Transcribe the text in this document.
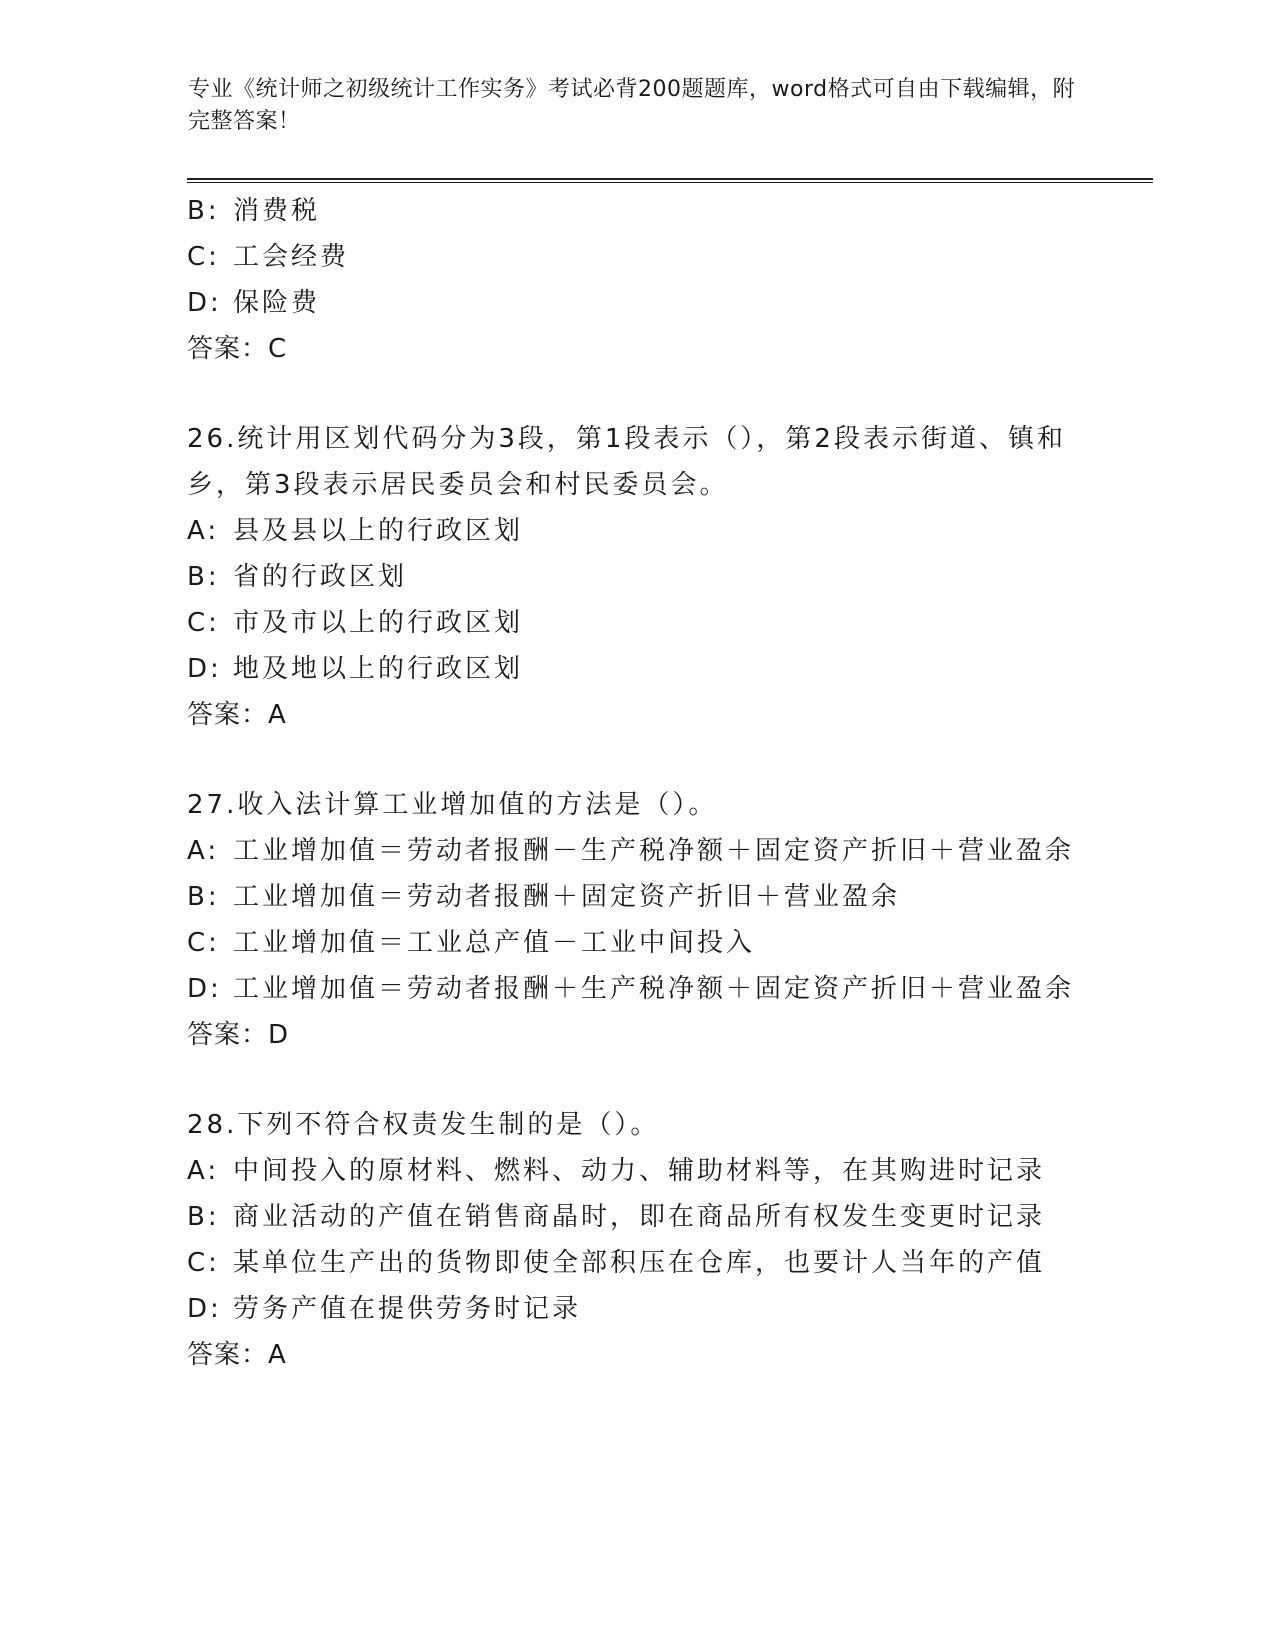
专业《统计师之初级统计工作实务》考试必背200题题库，word格式可自由下载编辑，附完整答案！
B: 消费税
C: 工会经费
D: 保险费
答案：C
26.统计用区划代码分为3段，第1段表示（），第2段表示街道、镇和乡，第3段表示居民委员会和村民委员会。
A: 县及县以上的行政区划
B: 省的行政区划
C: 市及市以上的行政区划
D: 地及地以上的行政区划
答案：A
27.收入法计算工业增加值的方法是（）。
A: 工业增加值＝劳动者报酬－生产税净额＋固定资产折旧＋营业盈余
B: 工业增加值＝劳动者报酬＋固定资产折旧＋营业盈余
C: 工业增加值＝工业总产值－工业中间投入
D: 工业增加值＝劳动者报酬＋生产税净额＋固定资产折旧＋营业盈余
答案：D
28.下列不符合权责发生制的是（）。
A: 中间投入的原材料、燃料、动力、辅助材料等，在其购进时记录
B: 商业活动的产值在销售商晶时，即在商品所有权发生变更时记录
C: 某单位生产出的货物即使全部积压在仓库，也要计人当年的产值
D: 劳务产值在提供劳务时记录
答案：A
